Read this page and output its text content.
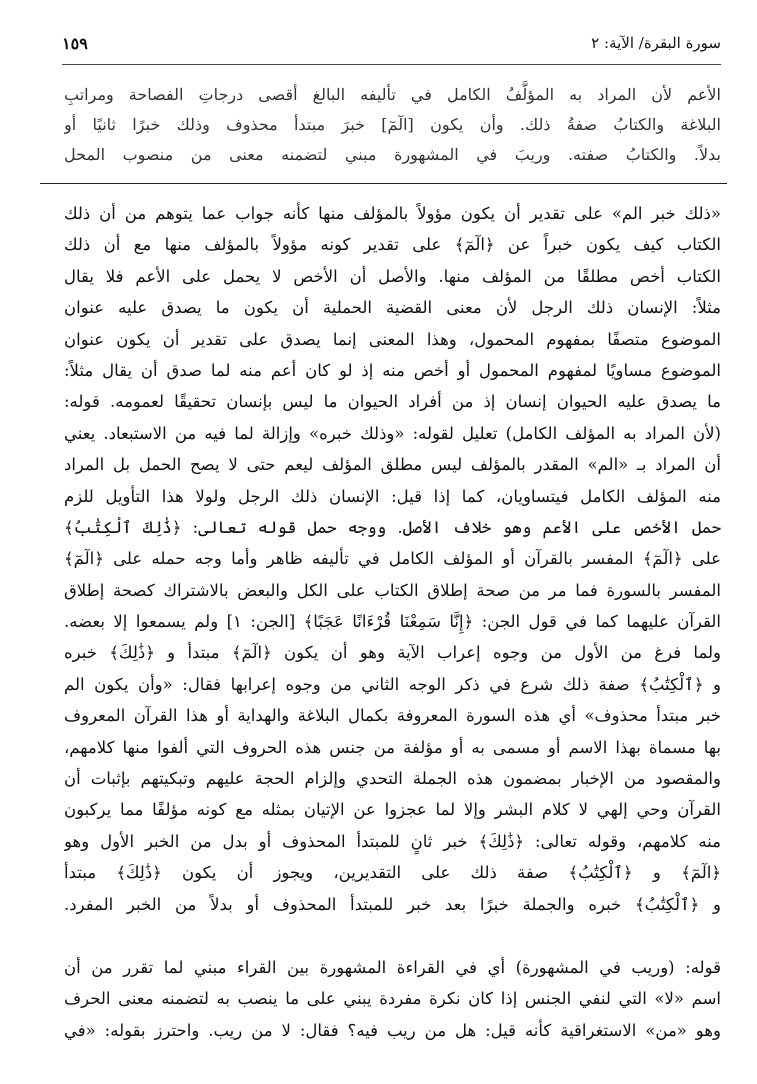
سورة البقرة/ الآية: ٢
١٥٩
الأعم لأن المراد به المؤلَّفُ الكامل في تأليفه البالغ أقصى درجاتِ الفصاحة ومراتبِ
البلاغة والكتابُ صفةُ ذلك. وأن يكون [الٓمٓ] خبرَ مبتدأ محذوف وذلك خبرًا ثانيًا أو
بدلاً. والكتابُ صفته. وريبَ في المشهورة مبني لتضمنه معنى من منصوب المحل
«ذلك خبر الم» على تقدير أن يكون مؤولاً بالمؤلف منها كأنه جواب عما يتوهم من أن ذلك
الكتاب كيف يكون خبراً عن ﴿الٓمٓ﴾ على تقدير كونه مؤولاً بالمؤلف منها مع أن ذلك
الكتاب أخص مطلقًا من المؤلف منها. والأصل أن الأخص لا يحمل على الأعم فلا يقال
مثلاً: الإنسان ذلك الرجل لأن معنى القضية الحملية أن يكون ما يصدق عليه عنوان
الموضوع متصفًا بمفهوم المحمول، وهذا المعنى إنما يصدق على تقدير أن يكون عنوان
الموضوع مساويًا لمفهوم المحمول أو أخص منه إذ لو كان أعم منه لما صدق أن يقال مثلاً:
ما يصدق عليه الحيوان إنسان إذ من أفراد الحيوان ما ليس بإنسان تحقيقًا لعمومه. قوله:
(لأن المراد به المؤلف الكامل) تعليل لقوله: «وذلك خبره» وإزالة لما فيه من الاستبعاد. يعني
أن المراد بـ «الم» المقدر بالمؤلف ليس مطلق المؤلف ليعم حتى لا يصح الحمل بل المراد
منه المؤلف الكامل فيتساويان، كما إذا قيل: الإنسان ذلك الرجل ولولا هذا التأويل للزم
حمل الأخص على الأعم وهو خلاف الأصل. ووجه حمل قوله تعالى: ﴿ذَٰلِكَ ٱلْكِتَٰبُ﴾
على ﴿الٓمٓ﴾ المفسر بالقرآن أو المؤلف الكامل في تأليفه ظاهر وأما وجه حمله على ﴿الٓمٓ﴾
المفسر بالسورة فما مر من صحة إطلاق الكتاب على الكل والبعض بالاشتراك كصحة إطلاق
القرآن عليهما كما في قول الجن: ﴿إِنَّا سَمِعْنَا قُرْءَانًا عَجَبًا﴾ [الجن: ١] ولم يسمعوا إلا بعضه.
ولما فرغ من الأول من وجوه إعراب الآية وهو أن يكون ﴿الٓمٓ﴾ مبتدأ و ﴿ذَٰلِكَ﴾ خبره
و ﴿ٱلْكِتَٰبُ﴾ صفة ذلك شرع في ذكر الوجه الثاني من وجوه إعرابها فقال: «وأن يكون الم
خبر مبتدأ محذوف» أي هذه السورة المعروفة بكمال البلاغة والهداية أو هذا القرآن المعروف
بها مسماة بهذا الاسم أو مسمى به أو مؤلفة من جنس هذه الحروف التي ألفوا منها كلامهم،
والمقصود من الإخبار بمضمون هذه الجملة التحدي وإلزام الحجة عليهم وتبكيتهم بإثبات أن
القرآن وحي إلهي لا كلام البشر وإلا لما عجزوا عن الإتيان بمثله مع كونه مؤلفًا مما يركبون
منه كلامهم، وقوله تعالى: ﴿ذَٰلِكَ﴾ خبر ثانٍ للمبتدأ المحذوف أو بدل من الخبر الأول وهو
﴿الٓمٓ﴾ و ﴿ٱلْكِتَٰبُ﴾ صفة ذلك على التقديرين، ويجوز أن يكون ﴿ذَٰلِكَ﴾ مبتدأ
و ﴿ٱلْكِتَٰبُ﴾ خبره والجملة خبرًا بعد خبر للمبتدأ المحذوف أو بدلاً من الخبر المفرد.
قوله: (وريب في المشهورة) أي في القراءة المشهورة بين القراء مبني لما تقرر من أن
اسم «لا» التي لنفي الجنس إذا كان نكرة مفردة يبني على ما ينصب به لتضمنه معنى الحرف
وهو «من» الاستغراقية كأنه قيل: هل من ريب فيه؟ فقال: لا من ريب. واحترز بقوله: «في
